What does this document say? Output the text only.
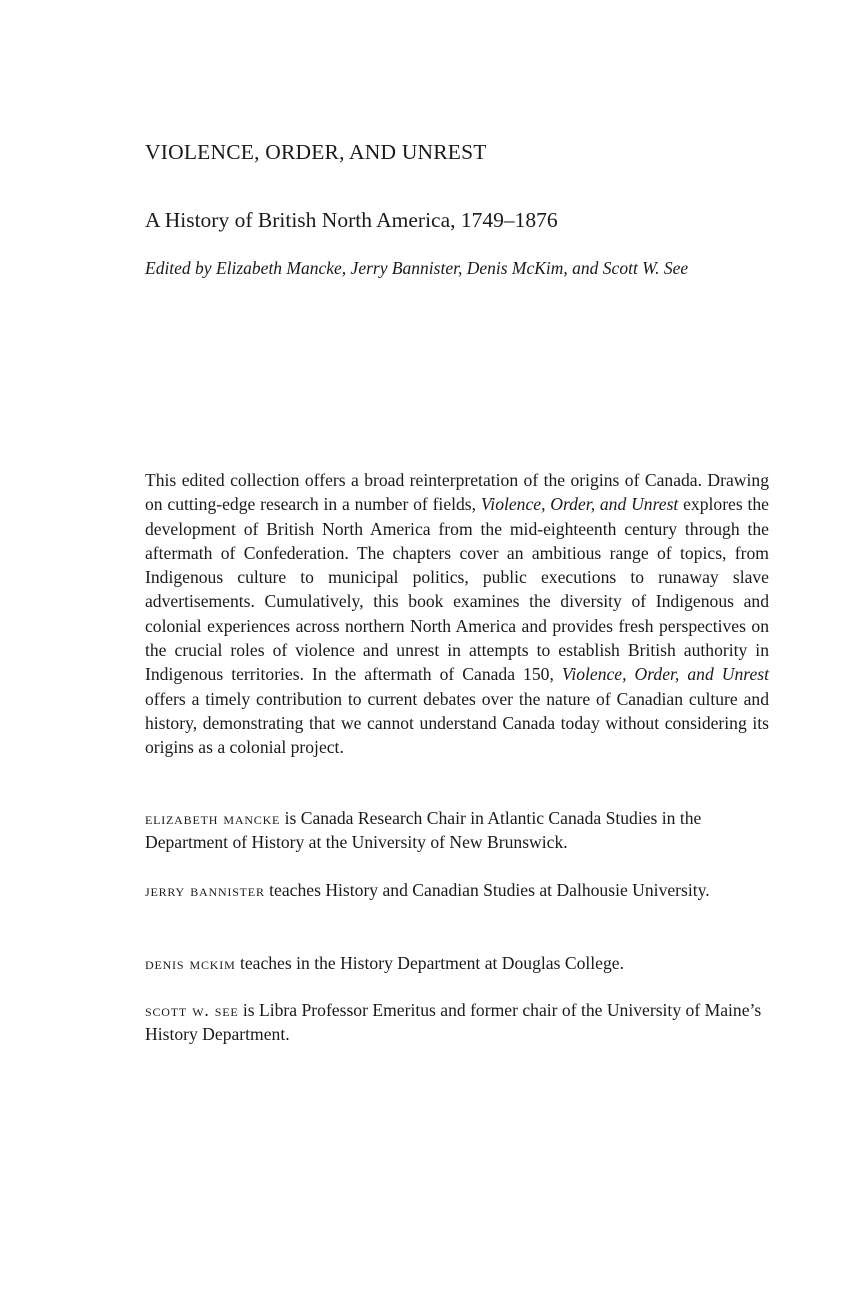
VIOLENCE, ORDER, AND UNREST
A History of British North America, 1749–1876

Edited by Elizabeth Mancke, Jerry Bannister, Denis McKim, and Scott W. See

This edited collection offers a broad reinterpretation of the origins of Canada. Drawing on cutting-edge research in a number of fields, Violence, Order, and Unrest explores the development of British North America from the mid-eighteenth century through the aftermath of Confederation. The chapters cover an ambitious range of topics, from Indigenous culture to municipal politics, public executions to runaway slave advertisements. Cumulatively, this book examines the diversity of Indigenous and colonial experiences across northern North America and provides fresh perspectives on the crucial roles of violence and unrest in attempts to establish British authority in Indigenous territories. In the aftermath of Canada 150, Violence, Order, and Unrest offers a timely contribution to current debates over the nature of Canadian culture and history, demonstrating that we cannot understand Canada today without considering its origins as a colonial project.

elizabeth mancke is Canada Research Chair in Atlantic Canada Studies in the Department of History at the University of New Brunswick.

jerry bannister teaches History and Canadian Studies at Dalhousie University.

denis mckim teaches in the History Department at Douglas College.

scott w. see is Libra Professor Emeritus and former chair of the University of Maine’s History Department.
